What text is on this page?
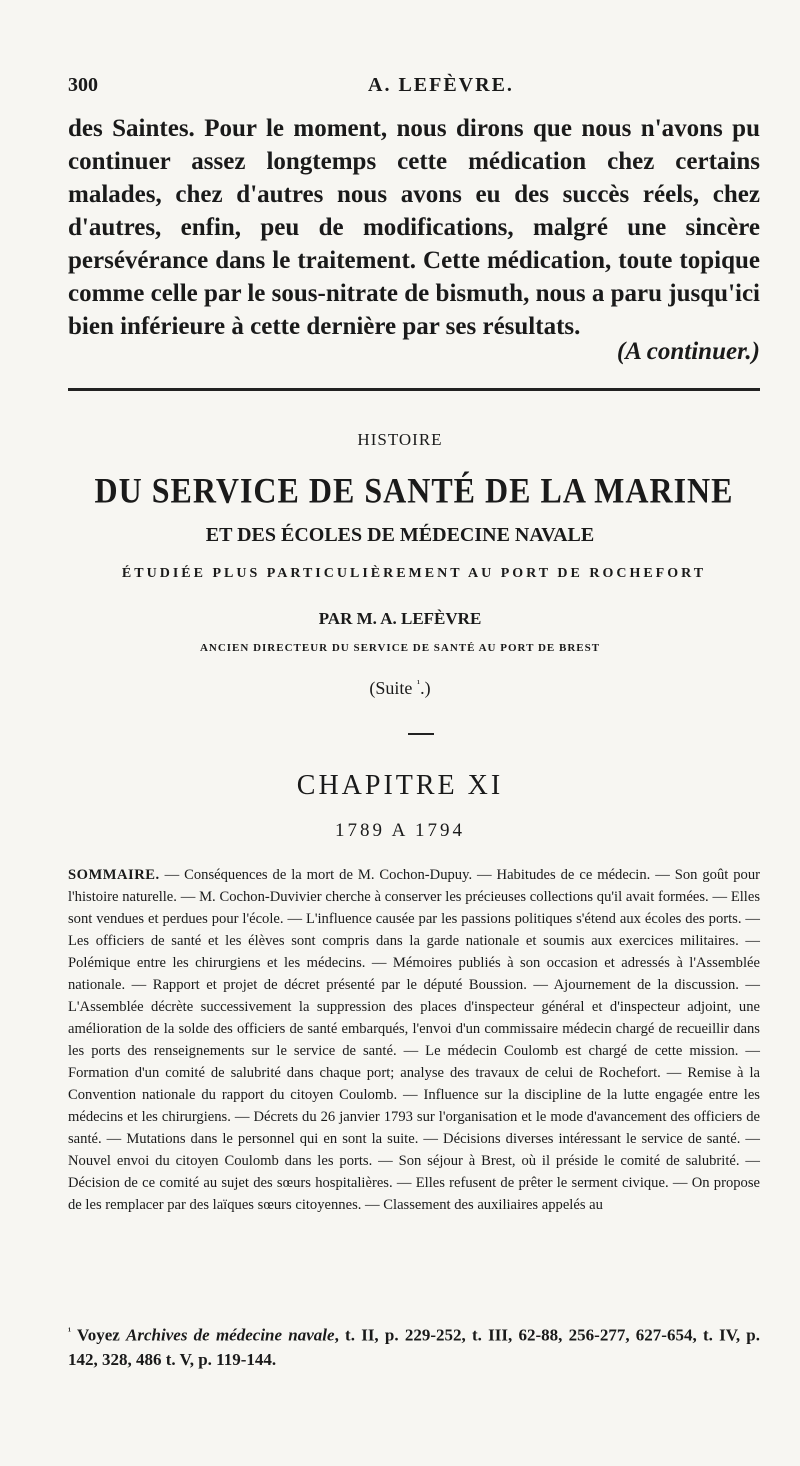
300	A. LEFÈVRE.
des Saintes. Pour le moment, nous dirons que nous n'avons pu continuer assez longtemps cette médication chez certains malades, chez d'autres nous avons eu des succès réels, chez d'autres, enfin, peu de modifications, malgré une sincère persévérance dans le traitement. Cette médication, toute topique comme celle par le sous-nitrate de bismuth, nous a paru jusqu'ici bien inférieure à cette dernière par ses résultats.
(A continuer.)
HISTOIRE
DU SERVICE DE SANTÉ DE LA MARINE
ET DES ÉCOLES DE MÉDECINE NAVALE
ÉTUDIÉE PLUS PARTICULIÈREMENT AU PORT DE ROCHEFORT
PAR M. A. LEFÈVRE
ANCIEN DIRECTEUR DU SERVICE DE SANTÉ AU PORT DE BREST
(Suite $^{^1}$.)
CHAPITRE XI
1789 A 1794
SOMMAIRE. — Conséquences de la mort de M. Cochon-Dupuy. — Habitudes de ce médecin. — Son goût pour l'histoire naturelle. — M. Cochon-Duvivier cherche à conserver les précieuses collections qu'il avait formées. — Elles sont vendues et perdues pour l'école. — L'influence causée par les passions politiques s'étend aux écoles des ports. — Les officiers de santé et les élèves sont compris dans la garde nationale et soumis aux exercices militaires. — Polémique entre les chirurgiens et les médecins. — Mémoires publiés à son occasion et adressés à l'Assemblée nationale. — Rapport et projet de décret présenté par le député Boussion. — Ajournement de la discussion. — L'Assemblée décrète successivement la suppression des places d'inspecteur général et d'inspecteur adjoint, une amélioration de la solde des officiers de santé embarqués, l'envoi d'un commissaire médecin chargé de recueillir dans les ports des renseignements sur le service de santé. — Le médecin Coulomb est chargé de cette mission. — Formation d'un comité de salubrité dans chaque port; analyse des travaux de celui de Rochefort. — Remise à la Convention nationale du rapport du citoyen Coulomb. — Influence sur la discipline de la lutte engagée entre les médecins et les chirurgiens. — Décrets du 26 janvier 1793 sur l'organisation et le mode d'avancement des officiers de santé. — Mutations dans le personnel qui en sont la suite. — Décisions diverses intéressant le service de santé. — Nouvel envoi du citoyen Coulomb dans les ports. — Son séjour à Brest, où il préside le comité de salubrité. — Décision de ce comité au sujet des sœurs hospitalières. — Elles refusent de prêter le serment civique. — On propose de les remplacer par des laïques sœurs citoyennes. — Classement des auxiliaires appelés au
$^{^1}$ Voyez Archives de médecine navale, t. II, p. 229-252, t. III, 62-88, 256-277, 627-654, t. IV, p. 142, 328, 486 t. V, p. 119-144.
